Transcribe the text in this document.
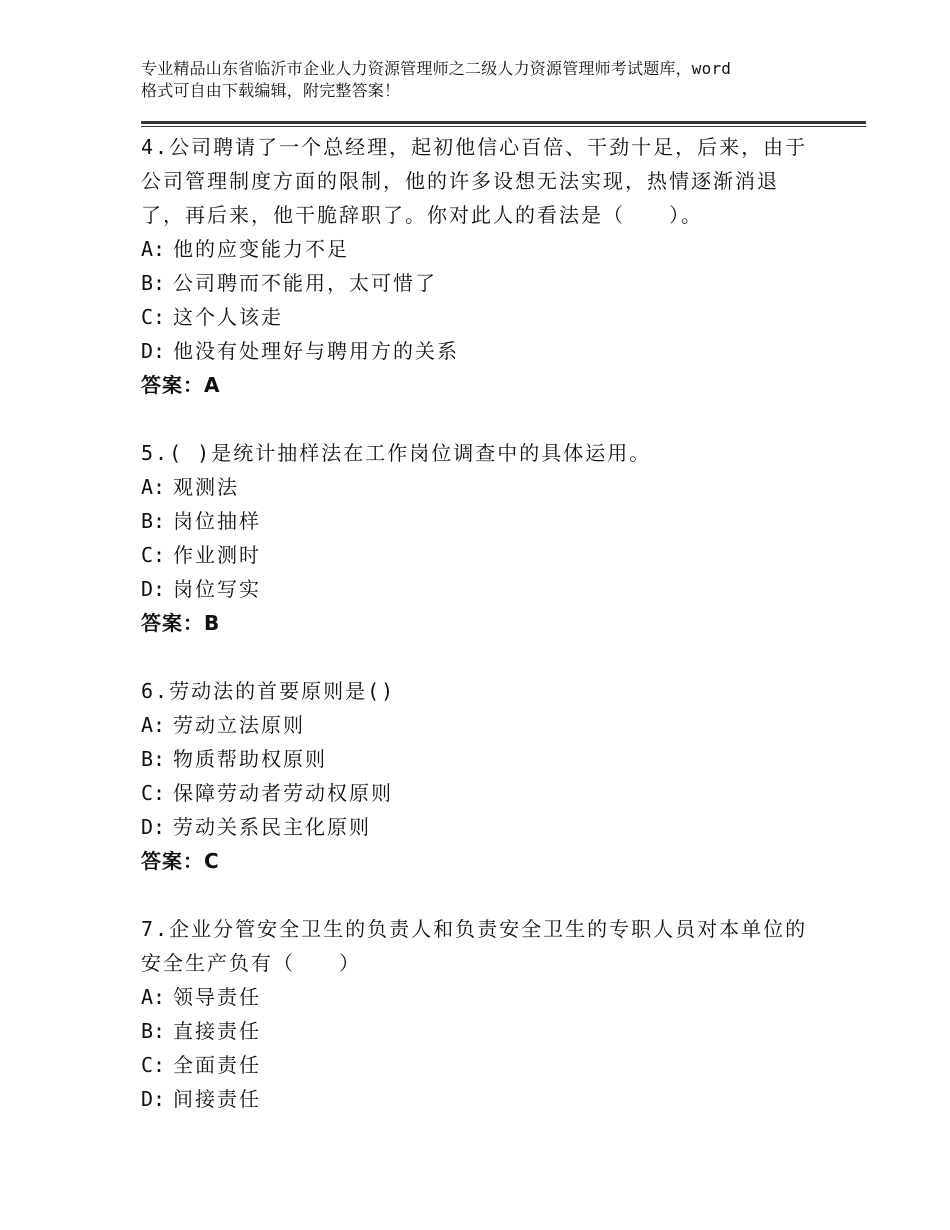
专业精品山东省临沂市企业人力资源管理师之二级人力资源管理师考试题库，word
格式可自由下载编辑，附完整答案！
4.公司聘请了一个总经理，起初他信心百倍、干劲十足，后来，由于
公司管理制度方面的限制，他的许多设想无法实现，热情逐渐消退
了，再后来，他干脆辞职了。你对此人的看法是（　　）。
A: 他的应变能力不足
B: 公司聘而不能用，太可惜了
C: 这个人该走
D: 他没有处理好与聘用方的关系
答案：A
5.( )是统计抽样法在工作岗位调查中的具体运用。
A: 观测法
B: 岗位抽样
C: 作业测时
D: 岗位写实
答案：B
6.劳动法的首要原则是()
A: 劳动立法原则
B: 物质帮助权原则
C: 保障劳动者劳动权原则
D: 劳动关系民主化原则
答案：C
7.企业分管安全卫生的负责人和负责安全卫生的专职人员对本单位的
安全生产负有（　　）
A: 领导责任
B: 直接责任
C: 全面责任
D: 间接责任
